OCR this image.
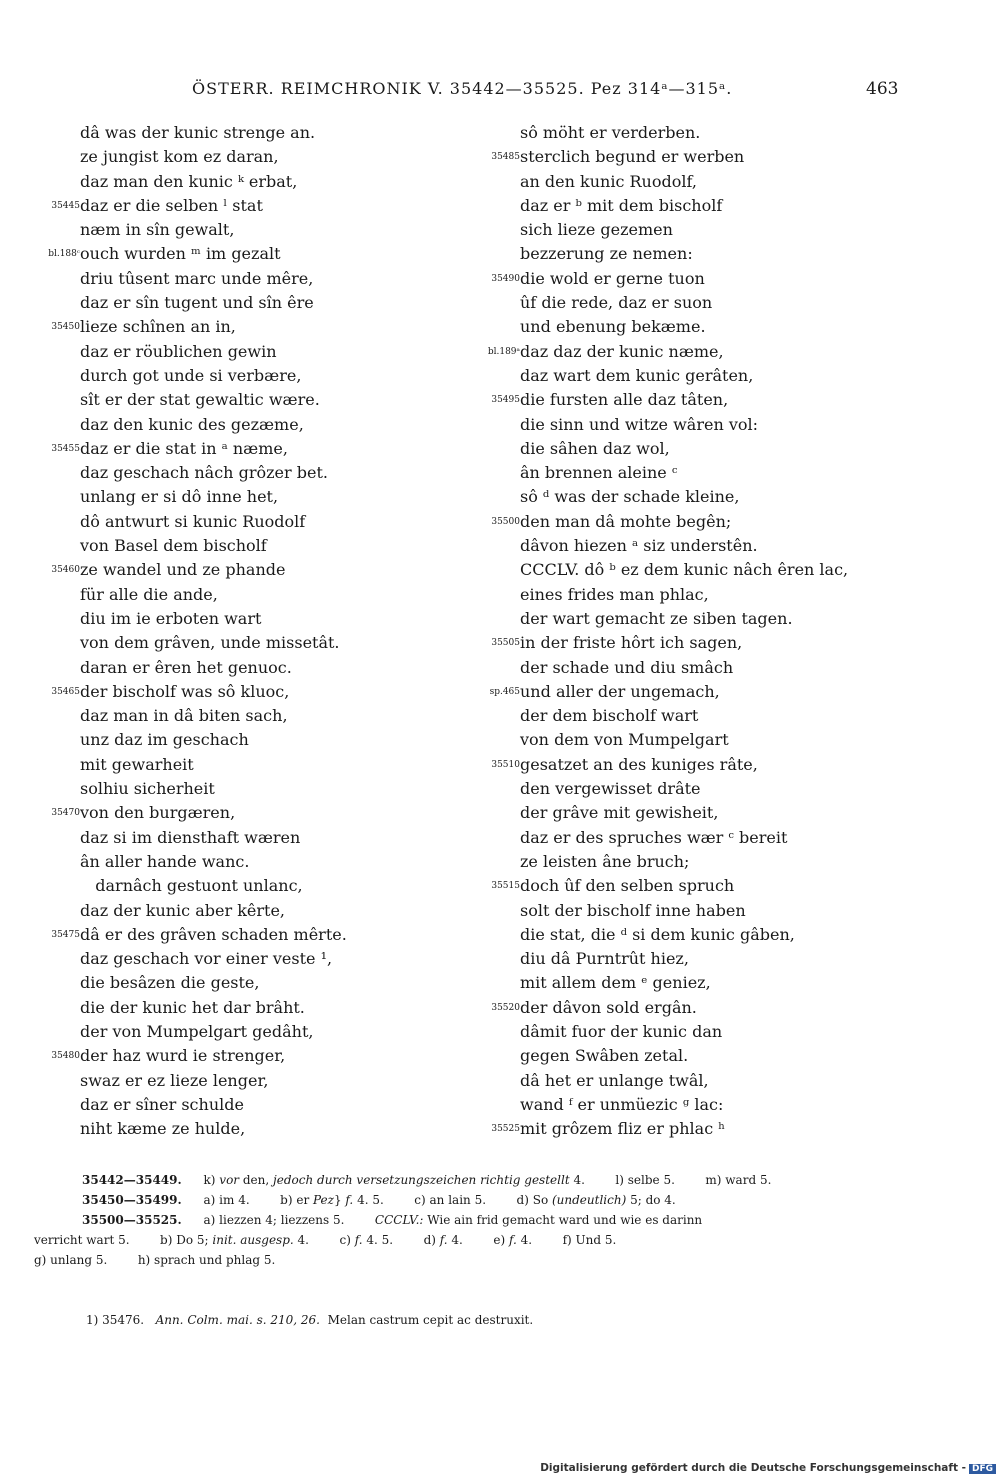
ÖSTERR. REIMCHRONIK V. 35442—35525. Pez 314ᵃ—315ᵃ.	463
dâ was der kunic strenge an.
ze jungist kom ez daran,
daz man den kunic ᵏ erbat,
35445 daz er die selben ˡ stat
næm in sîn gewalt,
bl.188ᶜ ouch wurden ᵐ im gezalt
driu tûsent marc unde mêre,
daz er sîn tugent und sîn êre
35450 lieze schînen an in,
daz er röublichen gewin
durch got unde si verbære,
sît er der stat gewaltic wære.
daz den kunic des gezæme,
35455 daz er die stat in ᵃ næme,
daz geschach nâch grôzer bet.
unlang er si dô inne het,
dô antwurt si kunic Ruodolf
von Basel dem bischolf
35460 ze wandel und ze phande
für alle die ande,
diu im ie erboten wart
von dem grâven, unde missetât.
daran er êren het genuoc.
35465 der bischolf was sô kluoc,
daz man in dâ biten sach,
unz daz im geschach
mit gewarheit
solhiu sicherheit
35470 von den burgæren,
daz si im diensthaft wæren
ân aller hande wanc.
darnâch gestuont unlanc,
daz der kunic aber kêrte,
35475 dâ er des grâven schaden mêrte.
daz geschach vor einer veste ¹,
die besâzen die geste,
die der kunic het dar brâht.
der von Mumpelgart gedâht,
35480 der haz wurd ie strenger,
swaz er ez lieze lenger,
daz er sîner schulde
niht kæme ze hulde,
sô möht er verderben.
35485 sterclich begund er werben
an den kunic Ruodolf,
daz er ᵇ mit dem bischolf
sich lieze gezemen
bezzerung ze nemen:
35490 die wold er gerne tuon
ûf die rede, daz er suon
und ebenung bekæme.
bl.189ᵃ daz daz der kunic næme,
daz wart dem kunic gerâten,
35495 die fursten alle daz tâten,
die sinn und witze wâren vol:
die sâhen daz wol,
ân brennen aleine ᶜ
sô ᵈ was der schade kleine,
35500 den man dâ mohte begên;
dâvon hiezen ᵃ siz understên.
CCCLV. dô ᵇ ez dem kunic nâch êren lac,
eines frides man phlac,
der wart gemacht ze siben tagen.
35505 in der friste hôrt ich sagen,
der schade und diu smâch
sp.465 und aller der ungemach,
der dem bischolf wart
von dem von Mumpelgart
35510 gesatzet an des kuniges râte,
den vergewisset drâte
der grâve mit gewisheit,
daz er des spruches wær ᶜ bereit
ze leisten âne bruch;
35515 doch ûf den selben spruch
solt der bischolf inne haben
die stat, die ᵈ si dem kunic gâben,
diu dâ Purntrût hiez,
mit allem dem ᵉ geniez,
35520 der dâvon sold ergân.
dâmit fuor der kunic dan
gegen Swâben zetal.
dâ het er unlange twâl,
wand ᶠ er unmüezic ᵍ lac:
35525 mit grôzem fliz er phlac ʰ
35442—35449. k) vor den, jedoch durch versetzungszeichen richtig gestellt 4.        l) selbe 5.        m) ward 5.
35450—35499. a) im 4.        b) er Pez} f. 4. 5.        c) an lain 5.        d) So (undeutlich) 5; do 4.
35500—35525. a) liezzen 4; liezzens 5.        CCCLV.: Wie ain frid gemacht ward und wie es darinn
verricht wart 5.        b) Do 5; init. ausgesp. 4.        c) f. 4. 5.        d) f. 4.        e) f. 4.        f) Und 5.
g) unlang 5.        h) sprach und phlag 5.
1) 35476.   Ann. Colm. mai. s. 210, 26.  Melan castrum cepit ac destruxit.
Digitalisierung gefördert durch die Deutsche Forschungsgemeinschaft - DFG
